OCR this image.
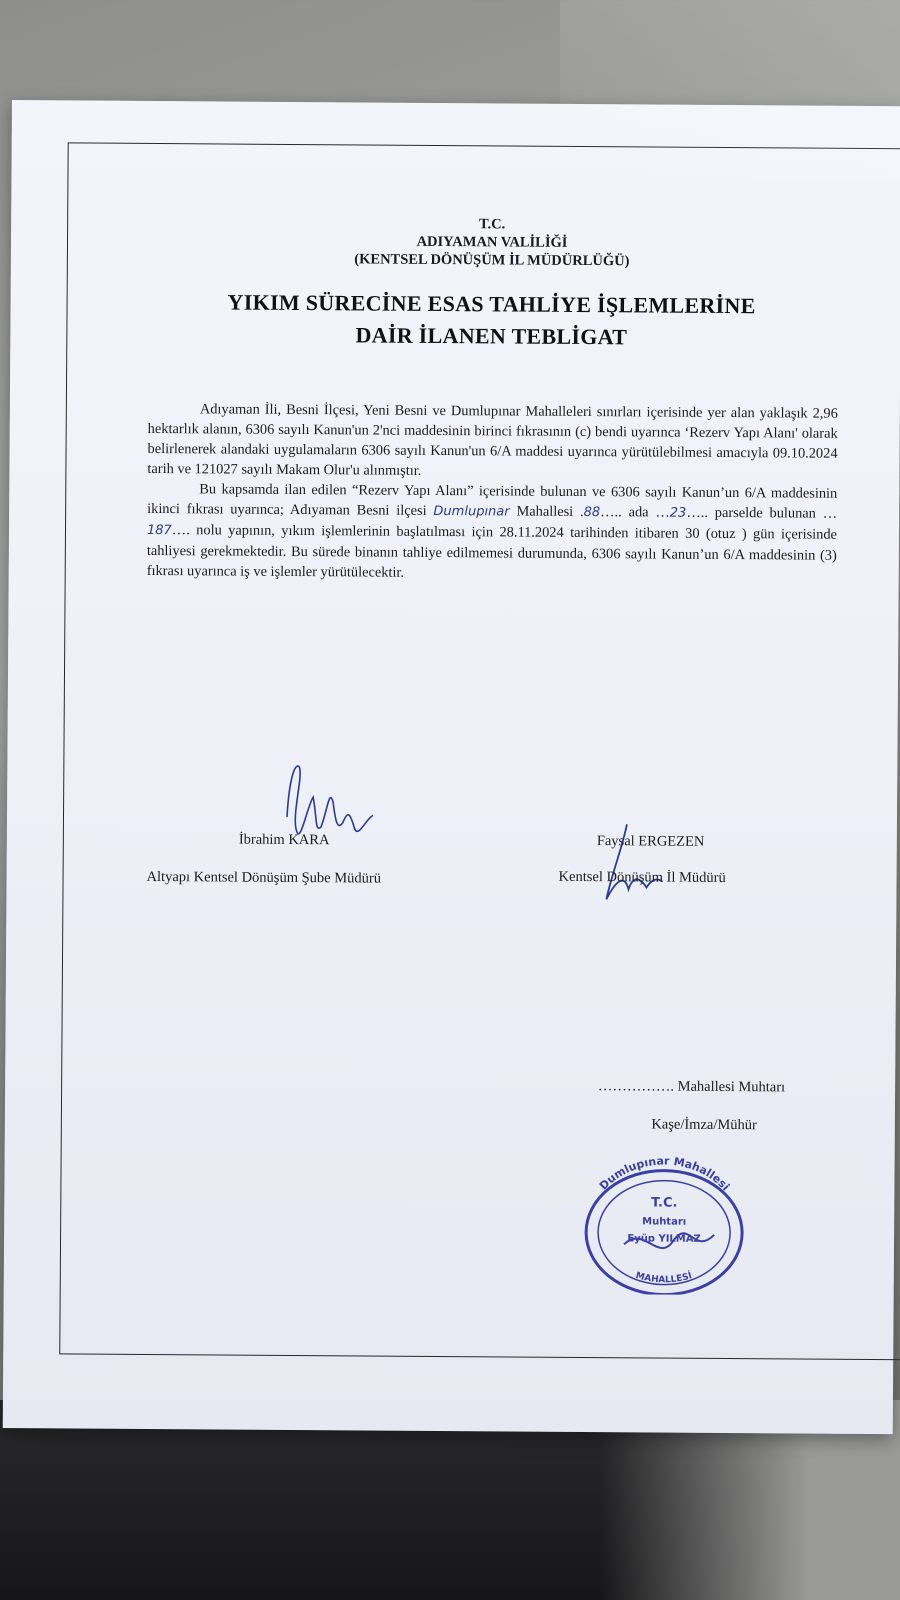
T.C.
ADIYAMAN VALİLİĞİ
(KENTSEL DÖNÜŞÜM İL MÜDÜRLÜĞÜ)
YIKIM SÜRECİNE ESAS TAHLİYE İŞLEMLERİNE
DAİR İLANEN TEBLİGAT

Adıyaman İli, Besni İlçesi, Yeni Besni ve Dumlupınar Mahalleleri sınırları içerisinde yer alan yaklaşık 2,96 hektarlık alanın, 6306 sayılı Kanun'un 2'nci maddesinin birinci fıkrasının (c) bendi uyarınca ‘Rezerv Yapı Alanı' olarak belirlenerek alandaki uygulamaların 6306 sayılı Kanun'un 6/A maddesi uyarınca yürütülebilmesi amacıyla 09.10.2024 tarih ve 121027 sayılı Makam Olur'u alınmıştır.

Bu kapsamda ilan edilen “Rezerv Yapı Alanı” içerisinde bulunan ve 6306 sayılı Kanun’un 6/A maddesinin ikinci fıkrası uyarınca; Adıyaman Besni ilçesi Dumlupınar Mahallesi .88….. ada …23….. parselde bulunan …187…. nolu yapının, yıkım işlemlerinin başlatılması için 28.11.2024 tarihinden itibaren 30 (otuz ) gün içerisinde tahliyesi gerekmektedir. Bu sürede binanın tahliye edilmemesi durumunda, 6306 sayılı Kanun’un 6/A maddesinin (3) fıkrası uyarınca iş ve işlemler yürütülecektir.

İbrahim KARA
Altyapı Kentsel Dönüşüm Şube Müdürü
Faysal ERGEZEN
Kentsel Dönüşüm İl Müdürü
……………. Mahallesi Muhtarı
Kaşe/İmza/Mühür
Dumlupınar Mahallesi
T.C.
Muhtarı
Eyüp YILMAZ
MAHALLESİ
